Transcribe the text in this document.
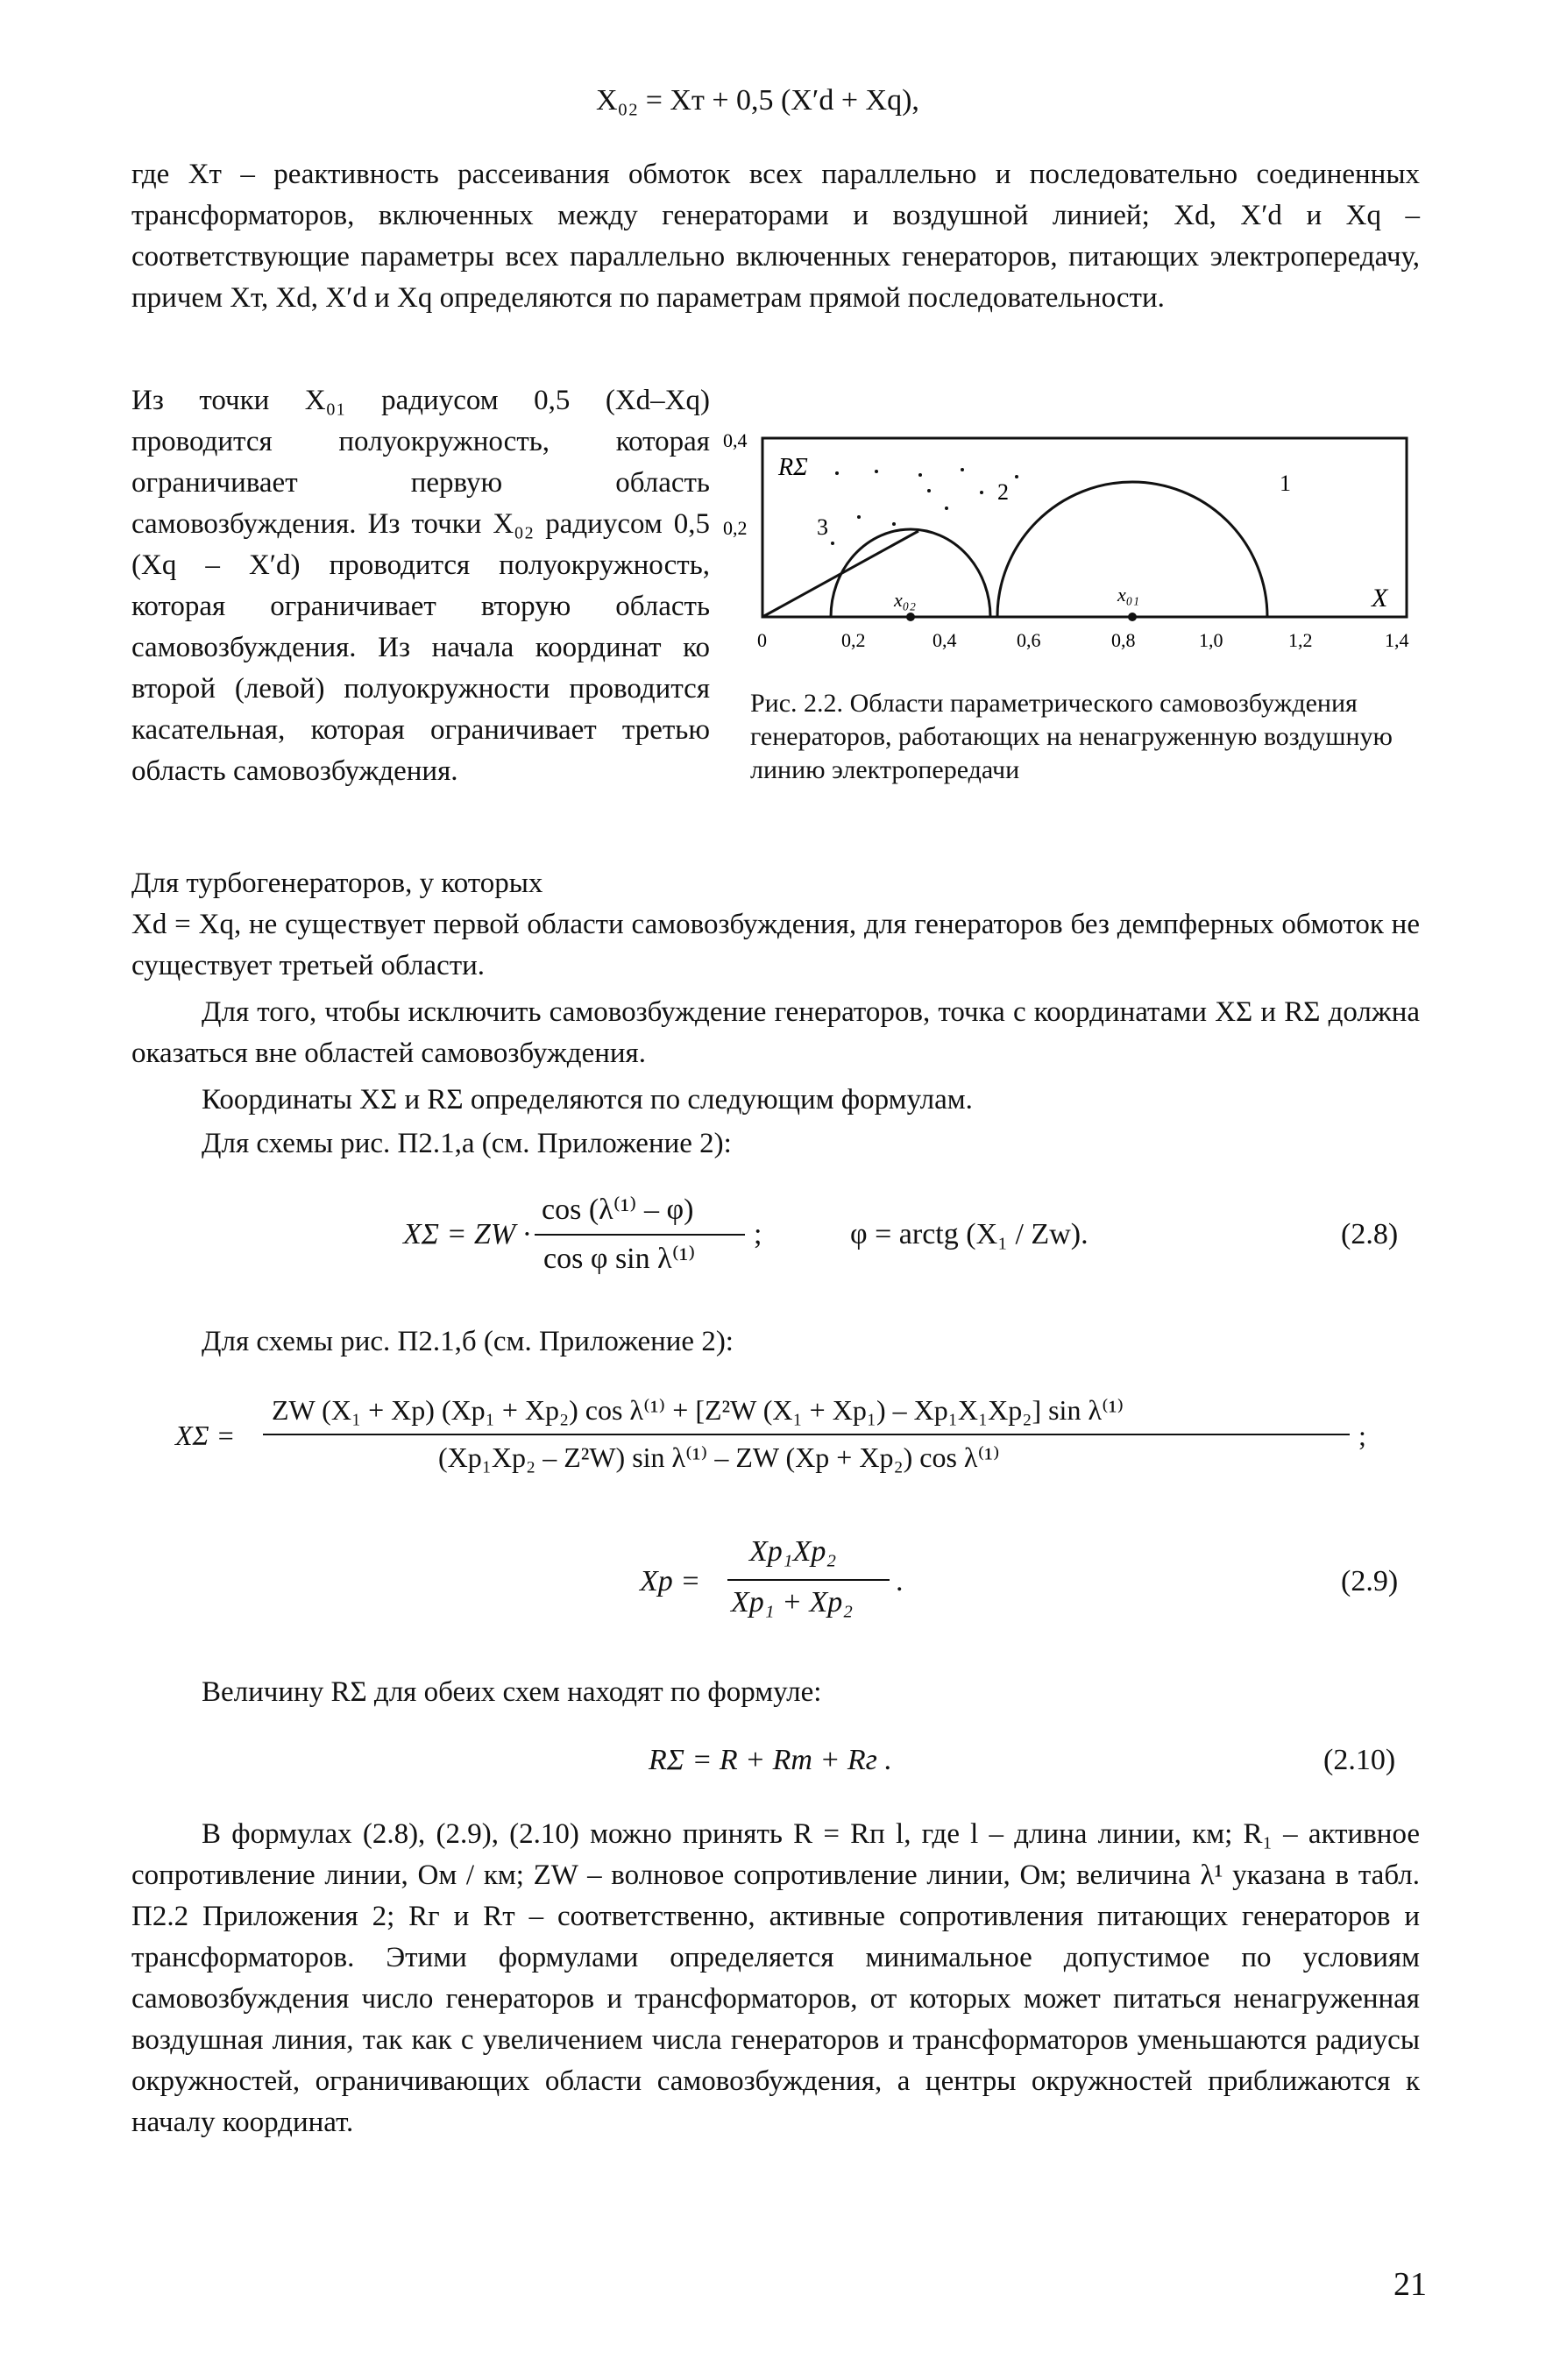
X₀₂ = Xт + 0,5 (X′d + Xq),
где Xт – реактивность рассеивания обмоток всех параллельно и последовательно соединенных трансформаторов, включенных между генераторами и воздушной линией; Xd, X′d и Xq – соответствующие параметры всех параллельно включенных генераторов, питающих электропередачу, причем Xт, Xd, X′d и Xq определяются по параметрам прямой последовательности.
Из точки X₀₁ радиусом 0,5 (Xd–Xq) проводится полуокружность, которая ограничивает первую область самовозбуждения. Из точки X₀₂ радиусом 0,5 (Xq – X′d) проводится полуокружность, которая ограничивает вторую область самовозбуждения. Из начала координат ко второй (левой) полуокружности проводится касательная, которая ограничивает третью область самовозбуждения.
Для турбогенераторов, у которых
Xd = Xq, не существует первой области самовозбуждения, для генераторов без демпферных обмоток не существует третьей области.
0,4
0,2
RΣ
X
1
2
3
x₀₂	x₀₁
0	0,2	0,4	0,6	0,8	1,0	1,2	1,4
Рис. 2.2. Области параметрического самовозбуждения генераторов, работающих на ненагруженную воздушную линию электропередачи
Для того, чтобы исключить самовозбуждение генераторов, точка с координатами XΣ и RΣ должна оказаться вне областей самовозбуждения.
Координаты XΣ и RΣ определяются по следующим формулам.
Для схемы рис. П2.1,а (см. Приложение 2):
XΣ = ZW ·
cos (λ⁽¹⁾ – φ)
cos φ sin λ⁽¹⁾
;	φ = arctg (X₁ / Zw).	(2.8)
Для схемы рис. П2.1,б (см. Приложение 2):
XΣ =
ZW (X₁ + Xр) (Xр₁ + Xр₂) cos λ⁽¹⁾ + [Z²W (X₁ + Xр₁) – Xр₁X₁Xр₂] sin λ⁽¹⁾
(Xр₁Xр₂ – Z²W) sin λ⁽¹⁾ – ZW (Xр + Xр₂) cos λ⁽¹⁾
;
Xр =
Xр₁Xр₂
Xр₁ + Xр₂
.	(2.9)
Величину RΣ для обеих схем находят по формуле:
RΣ = R + Rт + Rг .	(2.10)
В формулах (2.8), (2.9), (2.10) можно принять R = Rп l, где l – длина линии, км; R₁ – активное сопротивление линии, Ом / км; ZW – волновое сопротивление линии, Ом; величина λ¹ указана в табл. П2.2 Приложения 2; Rг и Rт – соответственно, активные сопротивления питающих генераторов и трансформаторов. Этими формулами определяется минимальное допустимое по условиям самовозбуждения число генераторов и трансформаторов, от которых может питаться ненагруженная воздушная линия, так как с увеличением числа генераторов и трансформаторов уменьшаются радиусы окружностей, ограничивающих области самовозбуждения, а центры окружностей приближаются к началу координат.
21
